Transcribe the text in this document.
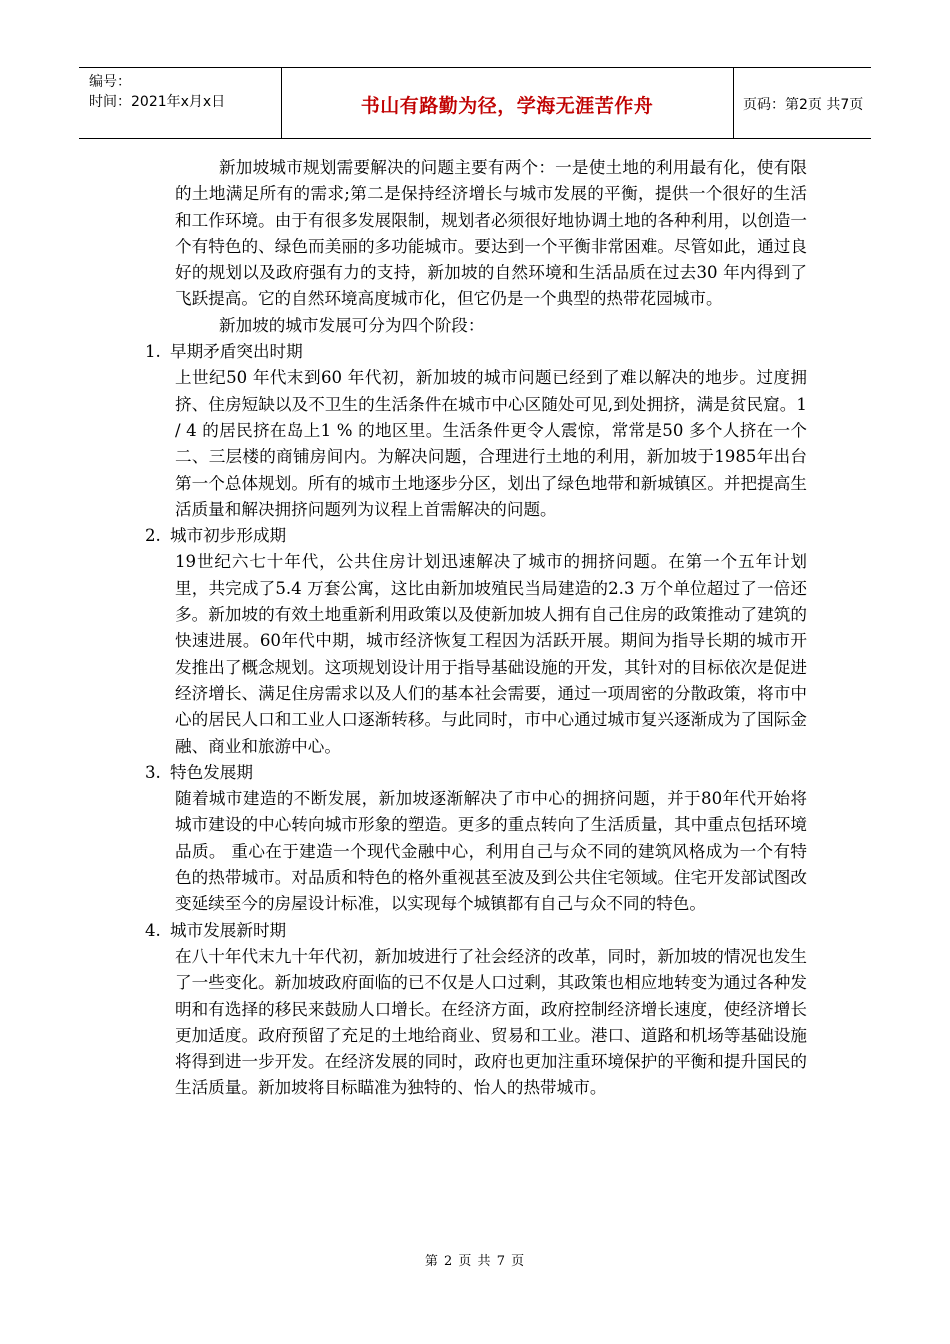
编号：
时间：2021年x月x日	书山有路勤为径，学海无涯苦作舟	页码：第2页 共7页

新加坡城市规划需要解决的问题主要有两个：一是使土地的利用最有化，使有限的土地满足所有的需求;第二是保持经济增长与城市发展的平衡，提供一个很好的生活和工作环境。由于有很多发展限制，规划者必须很好地协调土地的各种利用，以创造一个有特色的、绿色而美丽的多功能城市。要达到一个平衡非常困难。尽管如此，通过良好的规划以及政府强有力的支持，新加坡的自然环境和生活品质在过去30 年内得到了飞跃提高。它的自然环境高度城市化，但它仍是一个典型的热带花园城市。

新加坡的城市发展可分为四个阶段：

1. 早期矛盾突出时期

上世纪50 年代末到60 年代初，新加坡的城市问题已经到了难以解决的地步。过度拥挤、住房短缺以及不卫生的生活条件在城市中心区随处可见,到处拥挤，满是贫民窟。1 / 4 的居民挤在岛上1 % 的地区里。生活条件更令人震惊，常常是50 多个人挤在一个二、三层楼的商铺房间内。为解决问题，合理进行土地的利用，新加坡于1985年出台第一个总体规划。所有的城市土地逐步分区，划出了绿色地带和新城镇区。并把提高生活质量和解决拥挤问题列为议程上首需解决的问题。

2. 城市初步形成期

19世纪六七十年代，公共住房计划迅速解决了城市的拥挤问题。在第一个五年计划里，共完成了5.4 万套公寓，这比由新加坡殖民当局建造的2.3 万个单位超过了一倍还多。新加坡的有效土地重新利用政策以及使新加坡人拥有自己住房的政策推动了建筑的快速进展。60年代中期，城市经济恢复工程因为活跃开展。期间为指导长期的城市开发推出了概念规划。这项规划设计用于指导基础设施的开发，其针对的目标依次是促进经济增长、满足住房需求以及人们的基本社会需要，通过一项周密的分散政策，将市中心的居民人口和工业人口逐渐转移。与此同时，市中心通过城市复兴逐渐成为了国际金融、商业和旅游中心。

3. 特色发展期

随着城市建造的不断发展，新加坡逐渐解决了市中心的拥挤问题，并于80年代开始将城市建设的中心转向城市形象的塑造。更多的重点转向了生活质量，其中重点包括环境品质。 重心在于建造一个现代金融中心，利用自己与众不同的建筑风格成为一个有特色的热带城市。对品质和特色的格外重视甚至波及到公共住宅领域。住宅开发部试图改变延续至今的房屋设计标准，以实现每个城镇都有自己与众不同的特色。

4. 城市发展新时期

在八十年代末九十年代初，新加坡进行了社会经济的改革，同时，新加坡的情况也发生了一些变化。新加坡政府面临的已不仅是人口过剩，其政策也相应地转变为通过各种发明和有选择的移民来鼓励人口增长。在经济方面，政府控制经济增长速度，使经济增长更加适度。政府预留了充足的土地给商业、贸易和工业。港口、道路和机场等基础设施将得到进一步开发。在经济发展的同时，政府也更加注重环境保护的平衡和提升国民的生活质量。新加坡将目标瞄准为独特的、怡人的热带城市。

第 2 页 共 7 页
